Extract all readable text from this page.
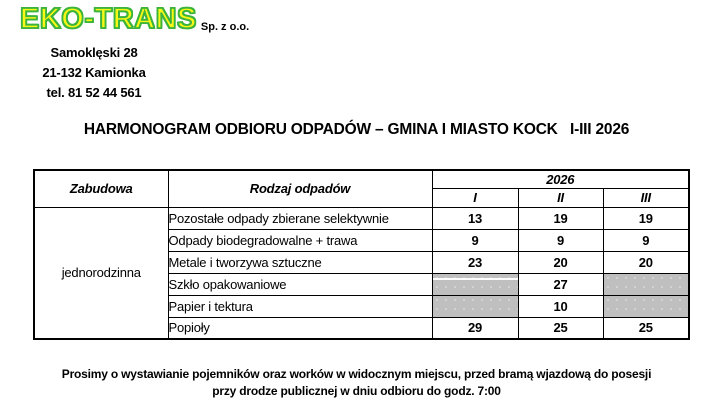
EKO-TRANS Sp. z o.o.
Samoklęski 28
21-132 Kamionka
tel. 81 52 44 561
HARMONOGRAM ODBIORU ODPADÓW – GMINA I MIASTO KOCK   I-III 2026
Zabudowa	Rodzaj odpadów	2026		
		I	II	III
jednorodzinna	Pozostałe odpady zbierane selektywnie	13	19	19
	Odpady biodegradowalne + trawa	9	9	9
	Metale i tworzywa sztuczne	23	20	20
	Szkło opakowaniowe		27	
	Papier i tektura		10	
	Popioły	29	25	25
Prosimy o wystawianie pojemników oraz worków w widocznym miejscu, przed bramą wjazdową do posesji
przy drodze publicznej w dniu odbioru do godz. 7:00
